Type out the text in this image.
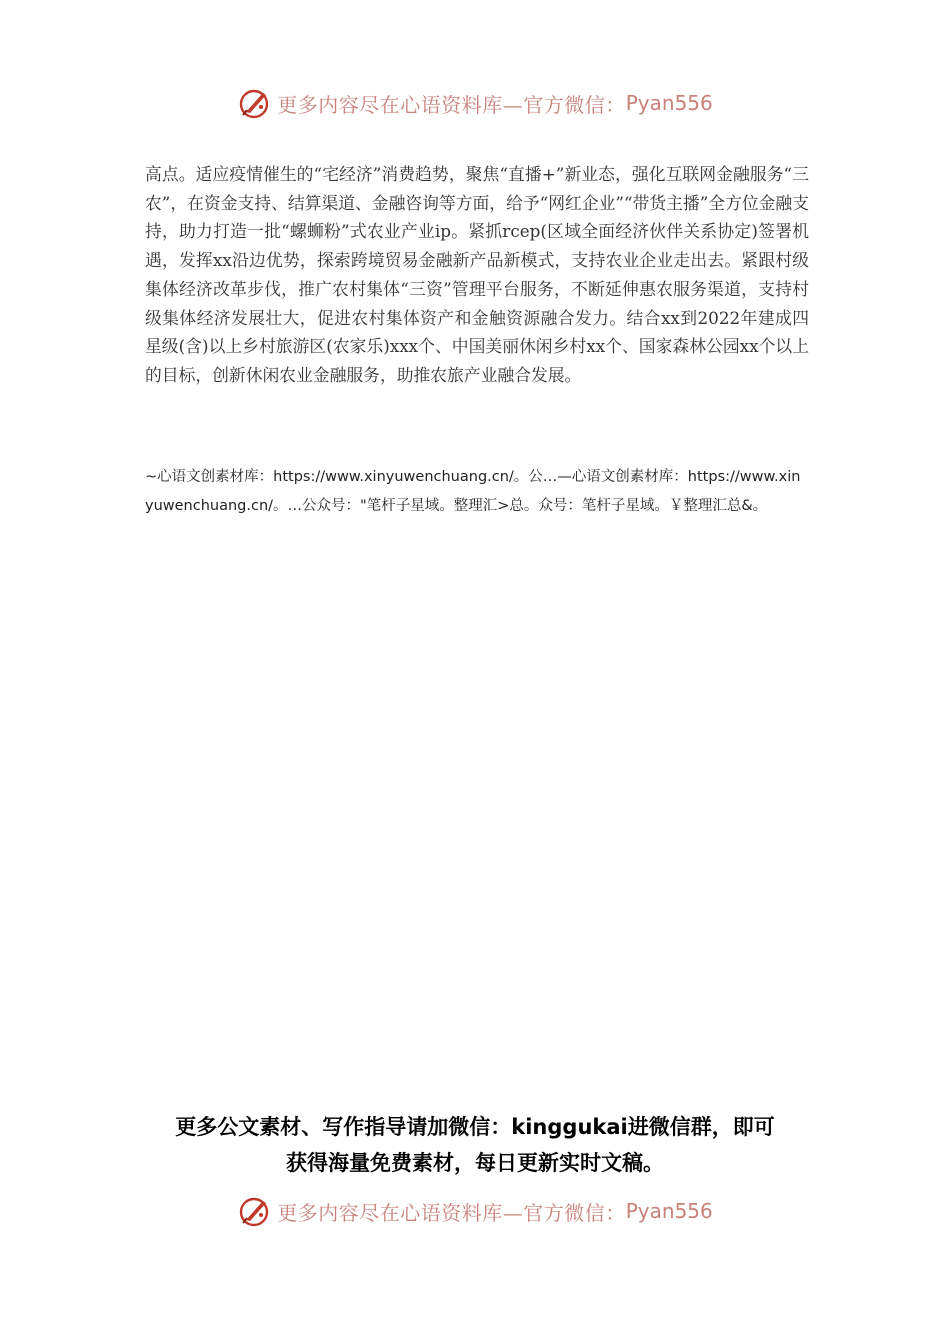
更多内容尽在心语资料库—官方微信： Pyan556

高点。适应疫情催生的“宅经济”消费趋势，聚焦“直播+”新业态，强化互联网金融服务“三农”，在资金支持、结算渠道、金融咨询等方面，给予“网红企业”“带货主播”全方位金融支持，助力打造一批“螺蛳粉”式农业产业ip。紧抓rcep(区域全面经济伙伴关系协定)签署机遇，发挥xx沿边优势，探索跨境贸易金融新产品新模式，支持农业企业走出去。紧跟村级集体经济改革步伐，推广农村集体“三资”管理平台服务，不断延伸惠农服务渠道，支持村级集体经济发展壮大，促进农村集体资产和金触资源融合发力。结合xx到2022年建成四星级(含)以上乡村旅游区(农家乐)xxx个、中国美丽休闲乡村xx个、国家森林公园xx个以上的目标，创新休闲农业金融服务，助推农旅产业融合发展。

~心语文创素材库：https://www.xinyuwenchuang.cn/。公…—心语文创素材库：https://www.xinyuwenchuang.cn/。…公众号："笔杆子星域。整理汇>总。众号：笔杆子星域。￥整理汇总&。

更多公文素材、写作指导请加微信：kinggukai进微信群，即可
获得海量免费素材，每日更新实时文稿。
更多内容尽在心语资料库—官方微信： Pyan556
